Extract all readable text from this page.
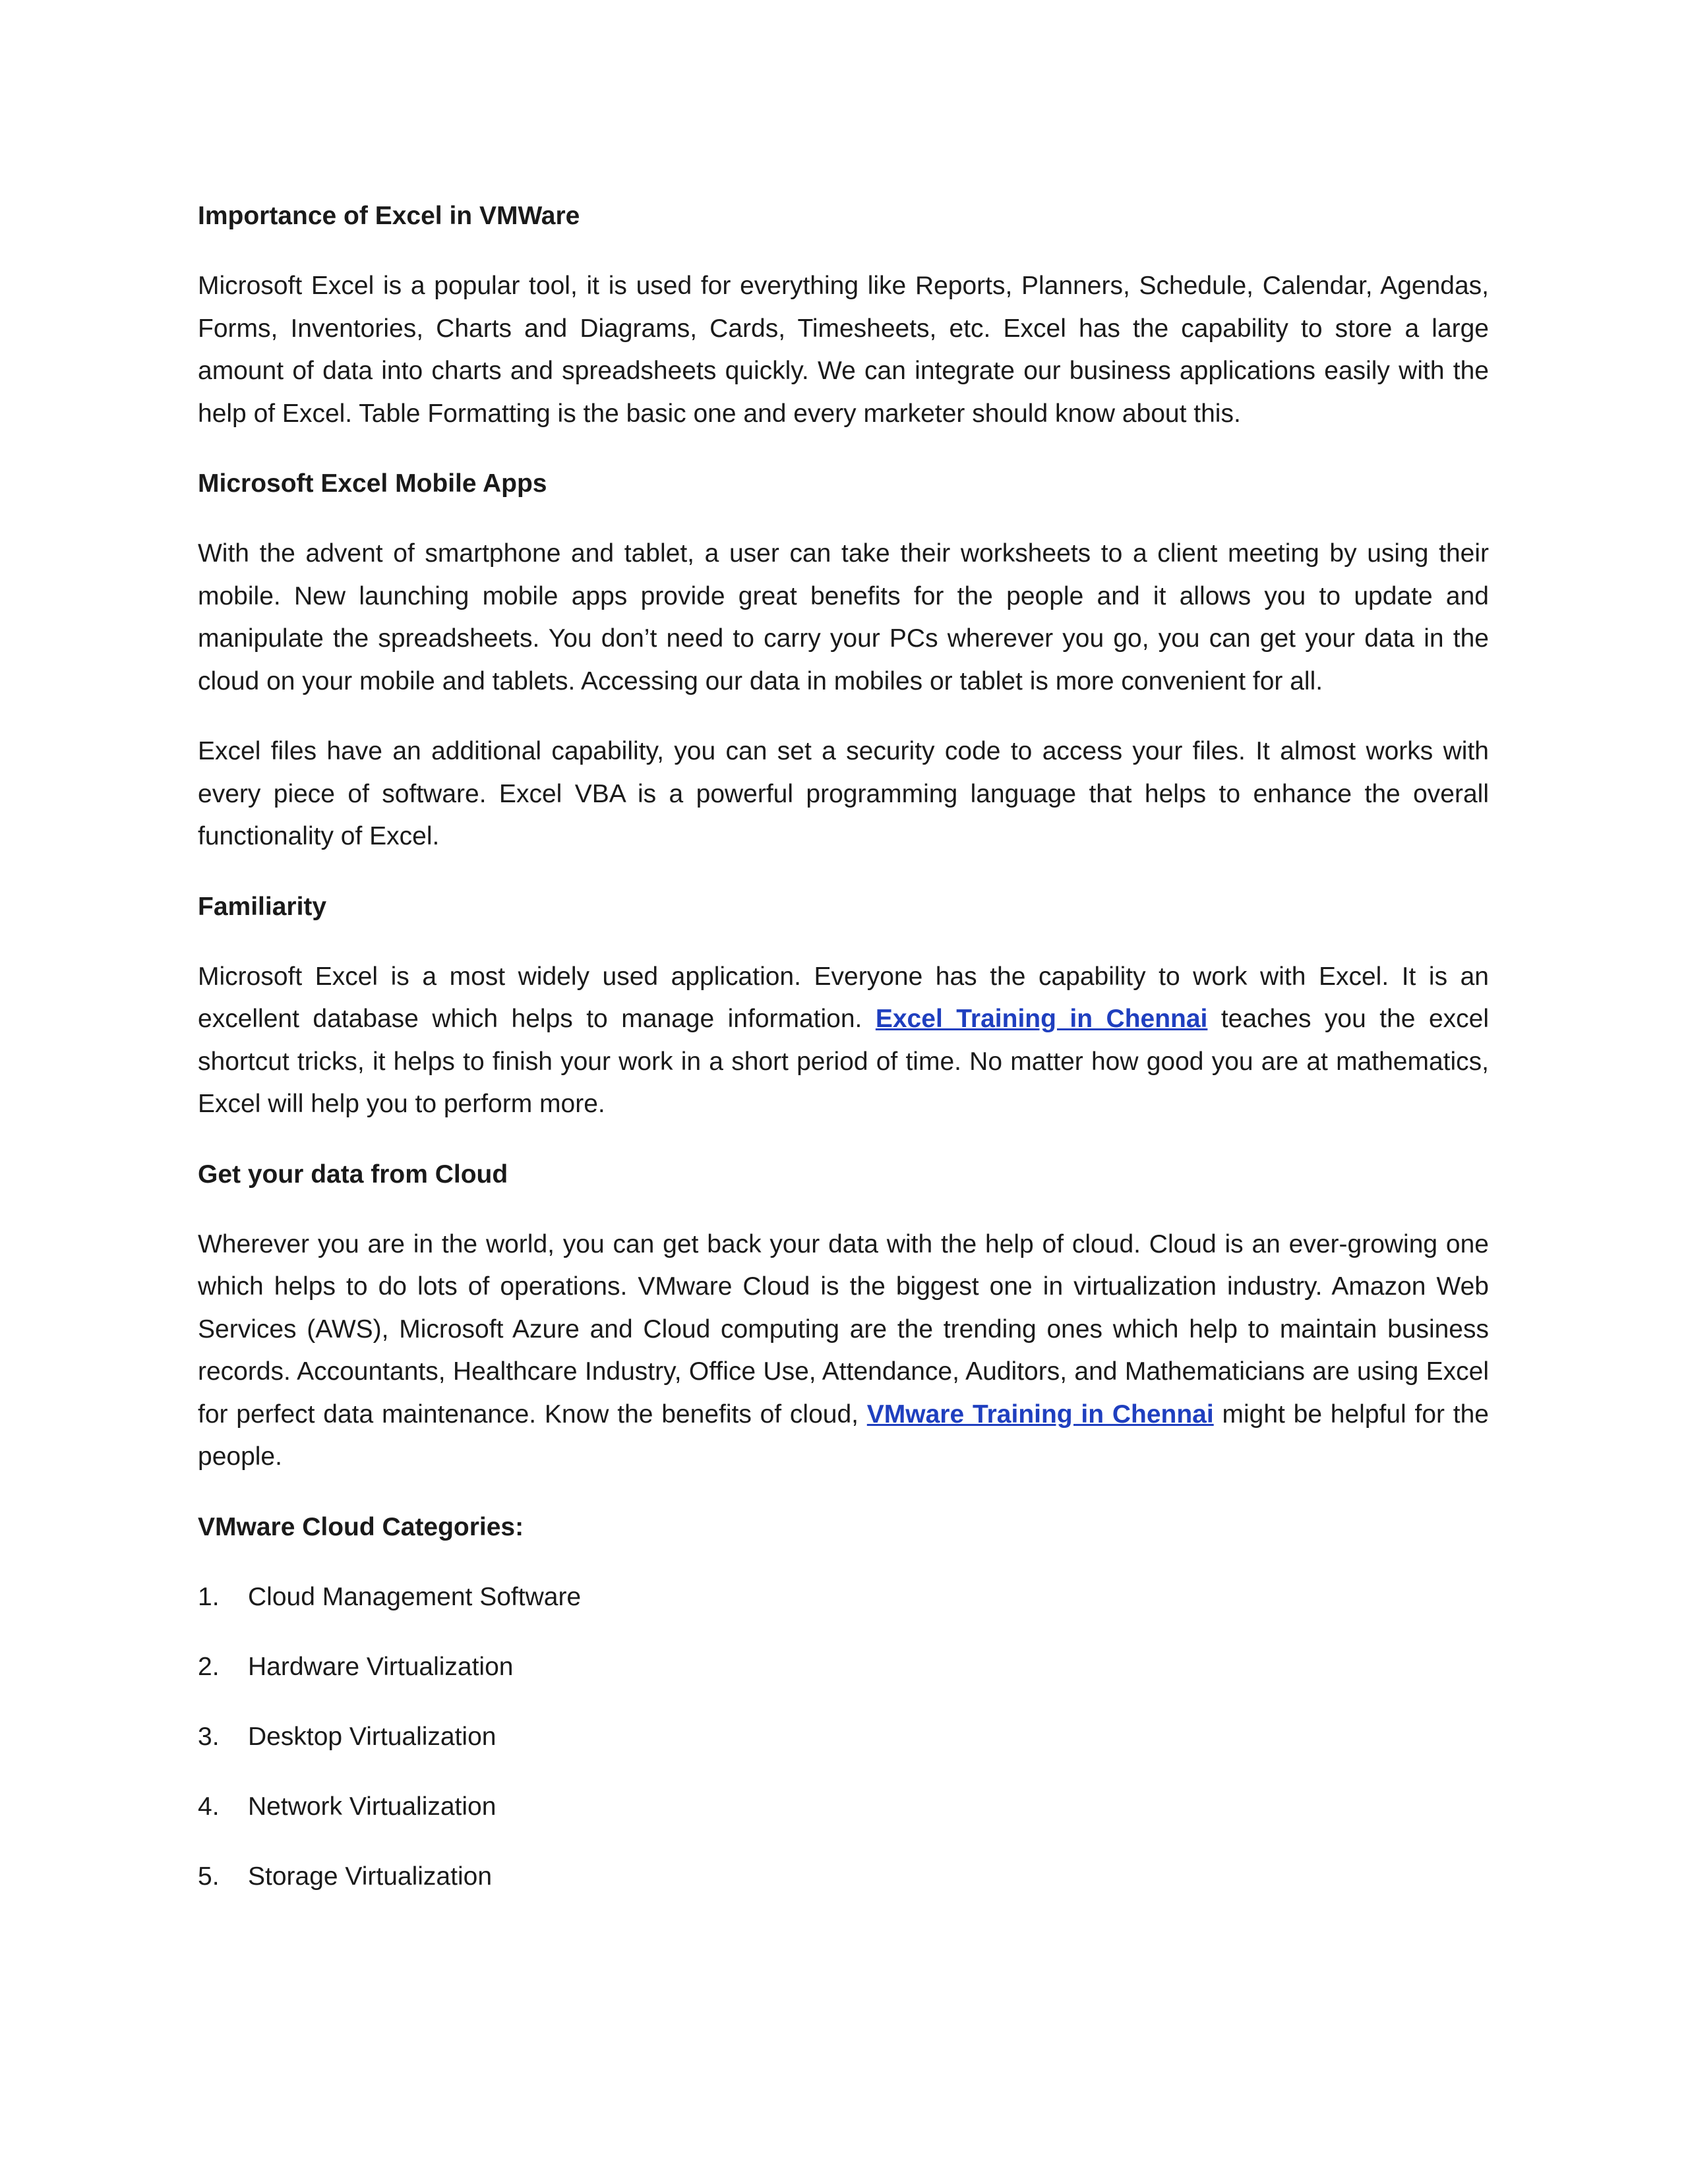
Importance of Excel in VMWare

Microsoft Excel is a popular tool, it is used for everything like Reports, Planners, Schedule, Calendar, Agendas, Forms, Inventories, Charts and Diagrams, Cards, Timesheets, etc. Excel has the capability to store a large amount of data into charts and spreadsheets quickly. We can integrate our business applications easily with the help of Excel. Table Formatting is the basic one and every marketer should know about this.

Microsoft Excel Mobile Apps

With the advent of smartphone and tablet, a user can take their worksheets to a client meeting by using their mobile. New launching mobile apps provide great benefits for the people and it allows you to update and manipulate the spreadsheets. You don’t need to carry your PCs wherever you go, you can get your data in the cloud on your mobile and tablets. Accessing our data in mobiles or tablet is more convenient for all.

Excel files have an additional capability, you can set a security code to access your files. It almost works with every piece of software. Excel VBA is a powerful programming language that helps to enhance the overall functionality of Excel.

Familiarity

Microsoft Excel is a most widely used application. Everyone has the capability to work with Excel. It is an excellent database which helps to manage information. Excel Training in Chennai teaches you the excel shortcut tricks, it helps to finish your work in a short period of time. No matter how good you are at mathematics, Excel will help you to perform more.

Get your data from Cloud

Wherever you are in the world, you can get back your data with the help of cloud. Cloud is an ever-growing one which helps to do lots of operations. VMware Cloud is the biggest one in virtualization industry. Amazon Web Services (AWS), Microsoft Azure and Cloud computing are the trending ones which help to maintain business records. Accountants, Healthcare Industry, Office Use, Attendance, Auditors, and Mathematicians are using Excel for perfect data maintenance. Know the benefits of cloud, VMware Training in Chennai might be helpful for the people.

VMware Cloud Categories:
1.	Cloud Management Software
2.	Hardware Virtualization
3.	Desktop Virtualization
4.	Network Virtualization
5.	Storage Virtualization
